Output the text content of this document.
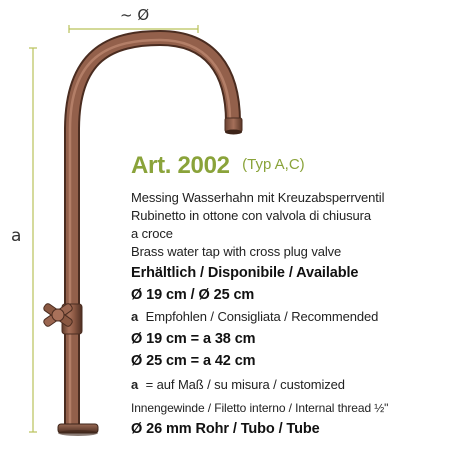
~ Ø
a
Art. 2002 (Typ A,C)
Messing Wasserhahn mit Kreuzabsperrventil
Rubinetto in ottone con valvola di chiusura
a croce
Brass water tap with cross plug valve
Erhältlich / Disponibile / Available
Ø 19 cm / Ø 25 cm
a Empfohlen / Consigliata / Recommended
Ø 19 cm = a 38 cm
Ø 25 cm = a 42 cm
a = auf Maß / su misura / customized
Innengewinde / Filetto interno / Internal thread ½"
Ø 26 mm Rohr / Tubo / Tube
